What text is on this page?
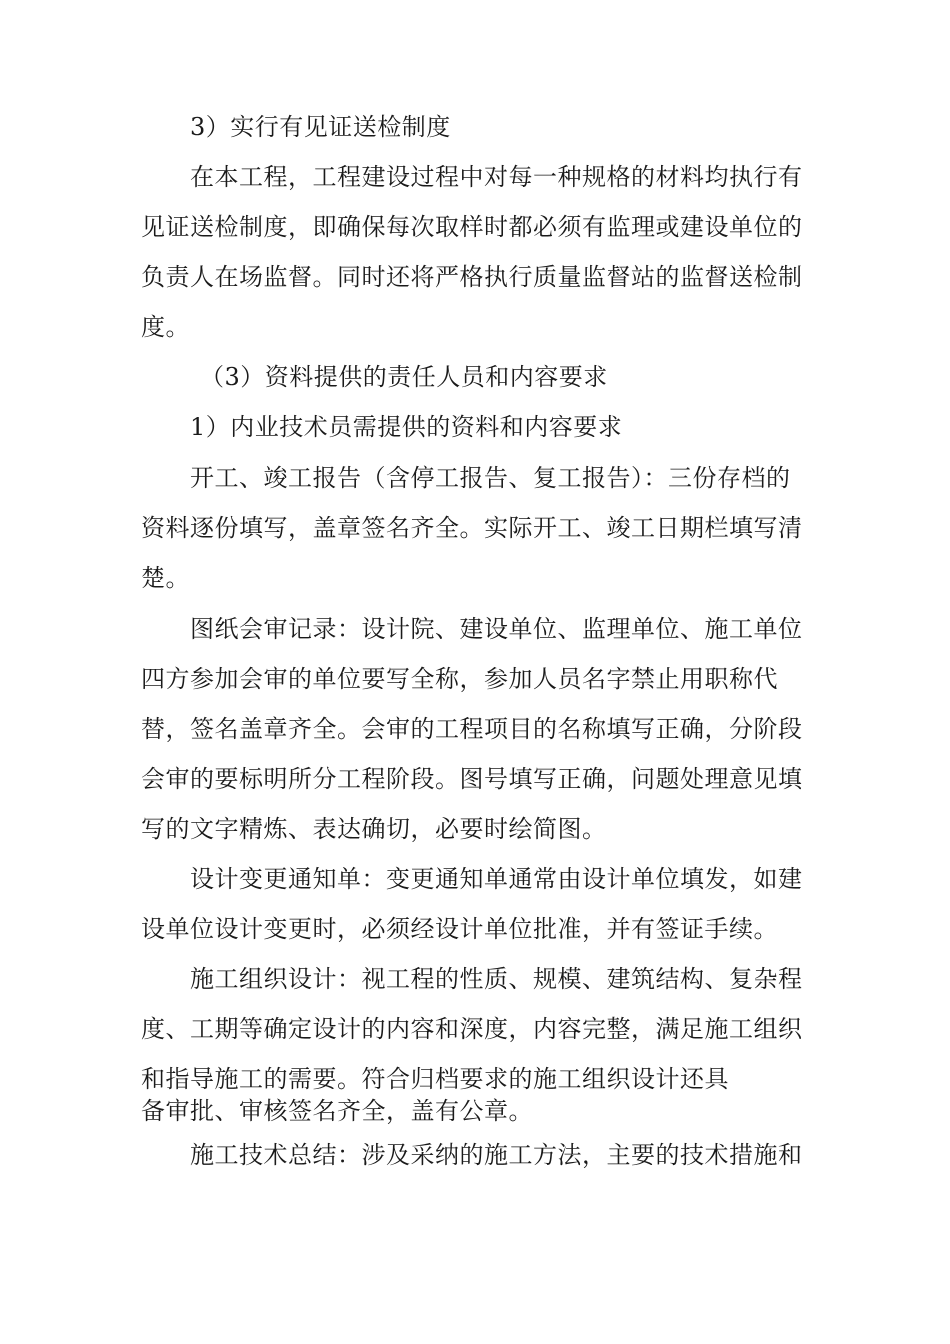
3）实行有见证送检制度
在本工程，工程建设过程中对每一种规格的材料均执行有
见证送检制度，即确保每次取样时都必须有监理或建设单位的
负责人在场监督。同时还将严格执行质量监督站的监督送检制
度。
（3）资料提供的责任人员和内容要求
1）内业技术员需提供的资料和内容要求
开工、竣工报告（含停工报告、复工报告）：三份存档的
资料逐份填写，盖章签名齐全。实际开工、竣工日期栏填写清
楚。
图纸会审记录：设计院、建设单位、监理单位、施工单位
四方参加会审的单位要写全称，参加人员名字禁止用职称代
替，签名盖章齐全。会审的工程项目的名称填写正确，分阶段
会审的要标明所分工程阶段。图号填写正确，问题处理意见填
写的文字精炼、表达确切，必要时绘简图。
设计变更通知单：变更通知单通常由设计单位填发，如建
设单位设计变更时，必须经设计单位批准，并有签证手续。
施工组织设计：视工程的性质、规模、建筑结构、复杂程
度、工期等确定设计的内容和深度，内容完整，满足施工组织
和指导施工的需要。符合归档要求的施工组织设计还具
备审批、审核签名齐全，盖有公章。
施工技术总结：涉及采纳的施工方法，主要的技术措施和
